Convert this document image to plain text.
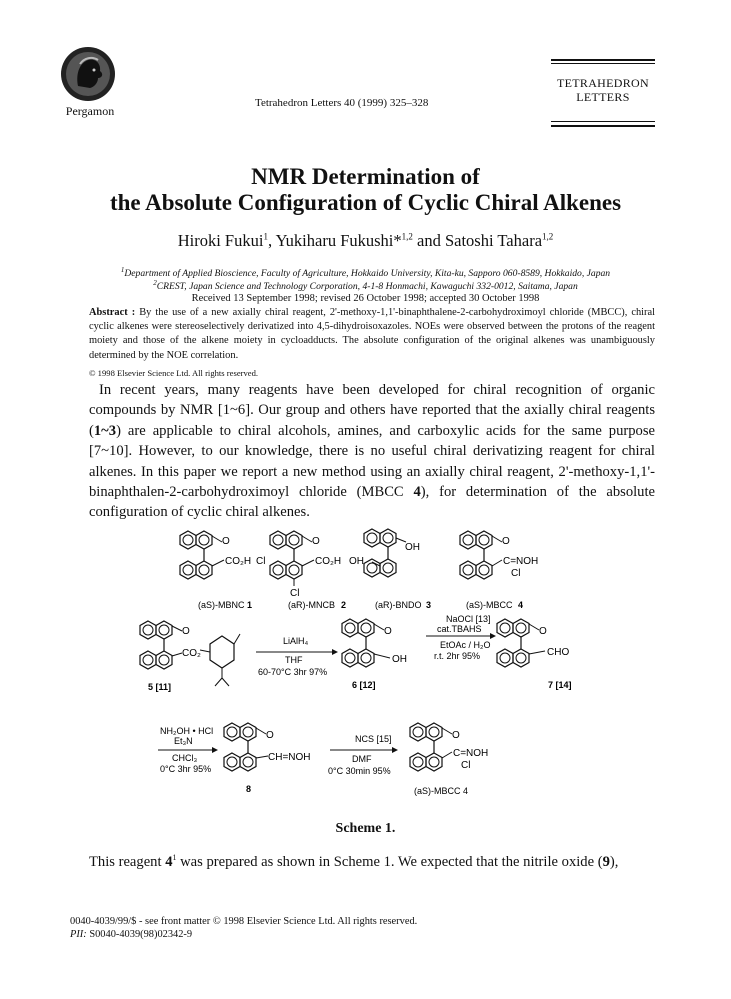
Pergamon
Tetrahedron Letters 40 (1999) 325–328
TETRAHEDRON
LETTERS
NMR Determination of
the Absolute Configuration of Cyclic Chiral Alkenes
Hiroki Fukui$^1$, Yukiharu Fukushi*$^{1,2}$ and Satoshi Tahara$^{1,2}$
$^1$Department of Applied Bioscience, Faculty of Agriculture, Hokkaido University, Kita-ku, Sapporo 060-8589, Hokkaido, Japan
$^2$CREST, Japan Science and Technology Corporation, 4-1-8 Honmachi, Kawaguchi 332-0012, Saitama, Japan
Received 13 September 1998; revised 26 October 1998; accepted 30 October 1998
Abstract : By the use of a new axially chiral reagent, 2'-methoxy-1,1'-binaphthalene-2-carbohydroximoyl chloride (MBCC), chiral cyclic alkenes were stereoselectively derivatized into 4,5-dihydroisoxazoles. NOEs were observed between the protons of the reagent moiety and those of the alkene moiety in cycloadducts. The absolute configuration of the original alkenes was unambiguously determined by the NOE correlation.
© 1998 Elsevier Science Ltd. All rights reserved.
In recent years, many reagents have been developed for chiral recognition of organic compounds by NMR [1~6]. Our group and others have reported that the axially chiral reagents (1~3) are applicable to chiral alcohols, amines, and carboxylic acids for the same purpose [7~10]. However, to our knowledge, there is no useful chiral derivatizing reagent for chiral alkenes. In this paper we report a new method using an axially chiral reagent, 2'-methoxy-1,1'-binaphthalen-2-carbohydroximoyl chloride (MBCC 4), for determination of the absolute configuration of cyclic chiral alkenes.
O
CO₂H
O
Cl	CO₂H
Cl
OH
OH
O
C=NOH
Cl
(aS)-MBNC 1	(aR)-MNCB 2	(aR)-BNDO 3	(aS)-MBCC 4
O
CO₂
5 [11]
LiAlH₄
THF
60-70°C 3hr 97%
O
OH
6 [12]
NaOCl [13]
cat.TBAHS
EtOAc / H₂O
r.t. 2hr 95%
O
CHO
7 [14]
NH₂OH • HCl
Et₃N
CHCl₃
0°C 3hr 95%
O
CH=NOH
8
NCS [15]
DMF
0°C 30min 95%
O
C=NOH
Cl
(aS)-MBCC 4
Scheme 1.
This reagent $4^1$ was prepared as shown in Scheme 1. We expected that the nitrile oxide (9),
0040-4039/99/$ - see front matter © 1998 Elsevier Science Ltd. All rights reserved.
PII: S0040-4039(98)02342-9
